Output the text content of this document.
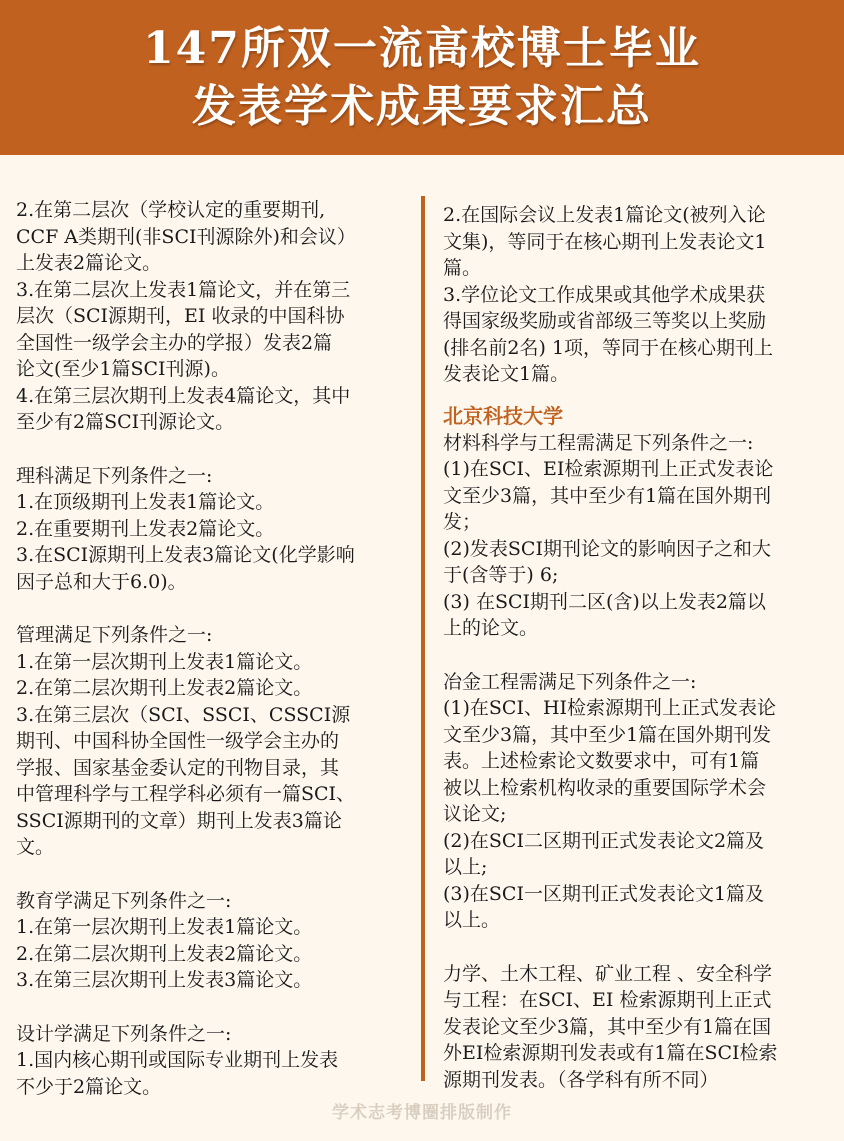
147所双一流高校博士毕业
发表学术成果要求汇总
2.在第二层次（学校认定的重要期刊,
CCF A类期刊(非SCI刊源除外)和会议）
上发表2篇论文。
3.在第二层次上发表1篇论文，并在第三
层次（SCI源期刊，EI 收录的中国科协
全国性一级学会主办的学报）发表2篇
论文(至少1篇SCI刊源)。
4.在第三层次期刊上发表4篇论文，其中
至少有2篇SCI刊源论文。
理科满足下列条件之一:
1.在顶级期刊上发表1篇论文。
2.在重要期刊上发表2篇论文。
3.在SCI源期刊上发表3篇论文(化学影响
因子总和大于6.0)。
管理满足下列条件之一:
1.在第一层次期刊上发表1篇论文。
2.在第二层次期刊上发表2篇论文。
3.在第三层次（SCI、SSCI、CSSCI源
期刊、中国科协全国性一级学会主办的
学报、国家基金委认定的刊物目录，其
中管理科学与工程学科必须有一篇SCI、
SSCI源期刊的文章）期刊上发表3篇论
文。
教育学满足下列条件之一:
1.在第一层次期刊上发表1篇论文。
2.在第二层次期刊上发表2篇论文。
3.在第三层次期刊上发表3篇论文。
设计学满足下列条件之一:
1.国内核心期刊或国际专业期刊上发表
不少于2篇论文。
2.在国际会议上发表1篇论文(被列入论
文集)，等同于在核心期刊上发表论文1
篇。
3.学位论文工作成果或其他学术成果获
得国家级奖励或省部级三等奖以上奖励
(排名前2名) 1项，等同于在核心期刊上
发表论文1篇。
北京科技大学
材料科学与工程需满足下列条件之一:
(1)在SCI、EI检索源期刊上正式发表论
文至少3篇，其中至少有1篇在国外期刊
发；
(2)发表SCI期刊论文的影响因子之和大
于(含等于) 6;
(3) 在SCI期刊二区(含)以上发表2篇以
上的论文。
冶金工程需满足下列条件之一:
(1)在SCI、HI检索源期刊上正式发表论
文至少3篇，其中至少1篇在国外期刊发
表。上述检索论文数要求中，可有1篇
被以上检索机构收录的重要国际学术会
议论文;
(2)在SCI二区期刊正式发表论文2篇及
以上;
(3)在SCI一区期刊正式发表论文1篇及
以上。
力学、土木工程、矿业工程 、安全科学
与工程：在SCI、EI 检索源期刊上正式
发表论文至少3篇，其中至少有1篇在国
外EI检索源期刊发表或有1篇在SCI检索
源期刊发表。（各学科有所不同）
学术志考博圈排版制作
